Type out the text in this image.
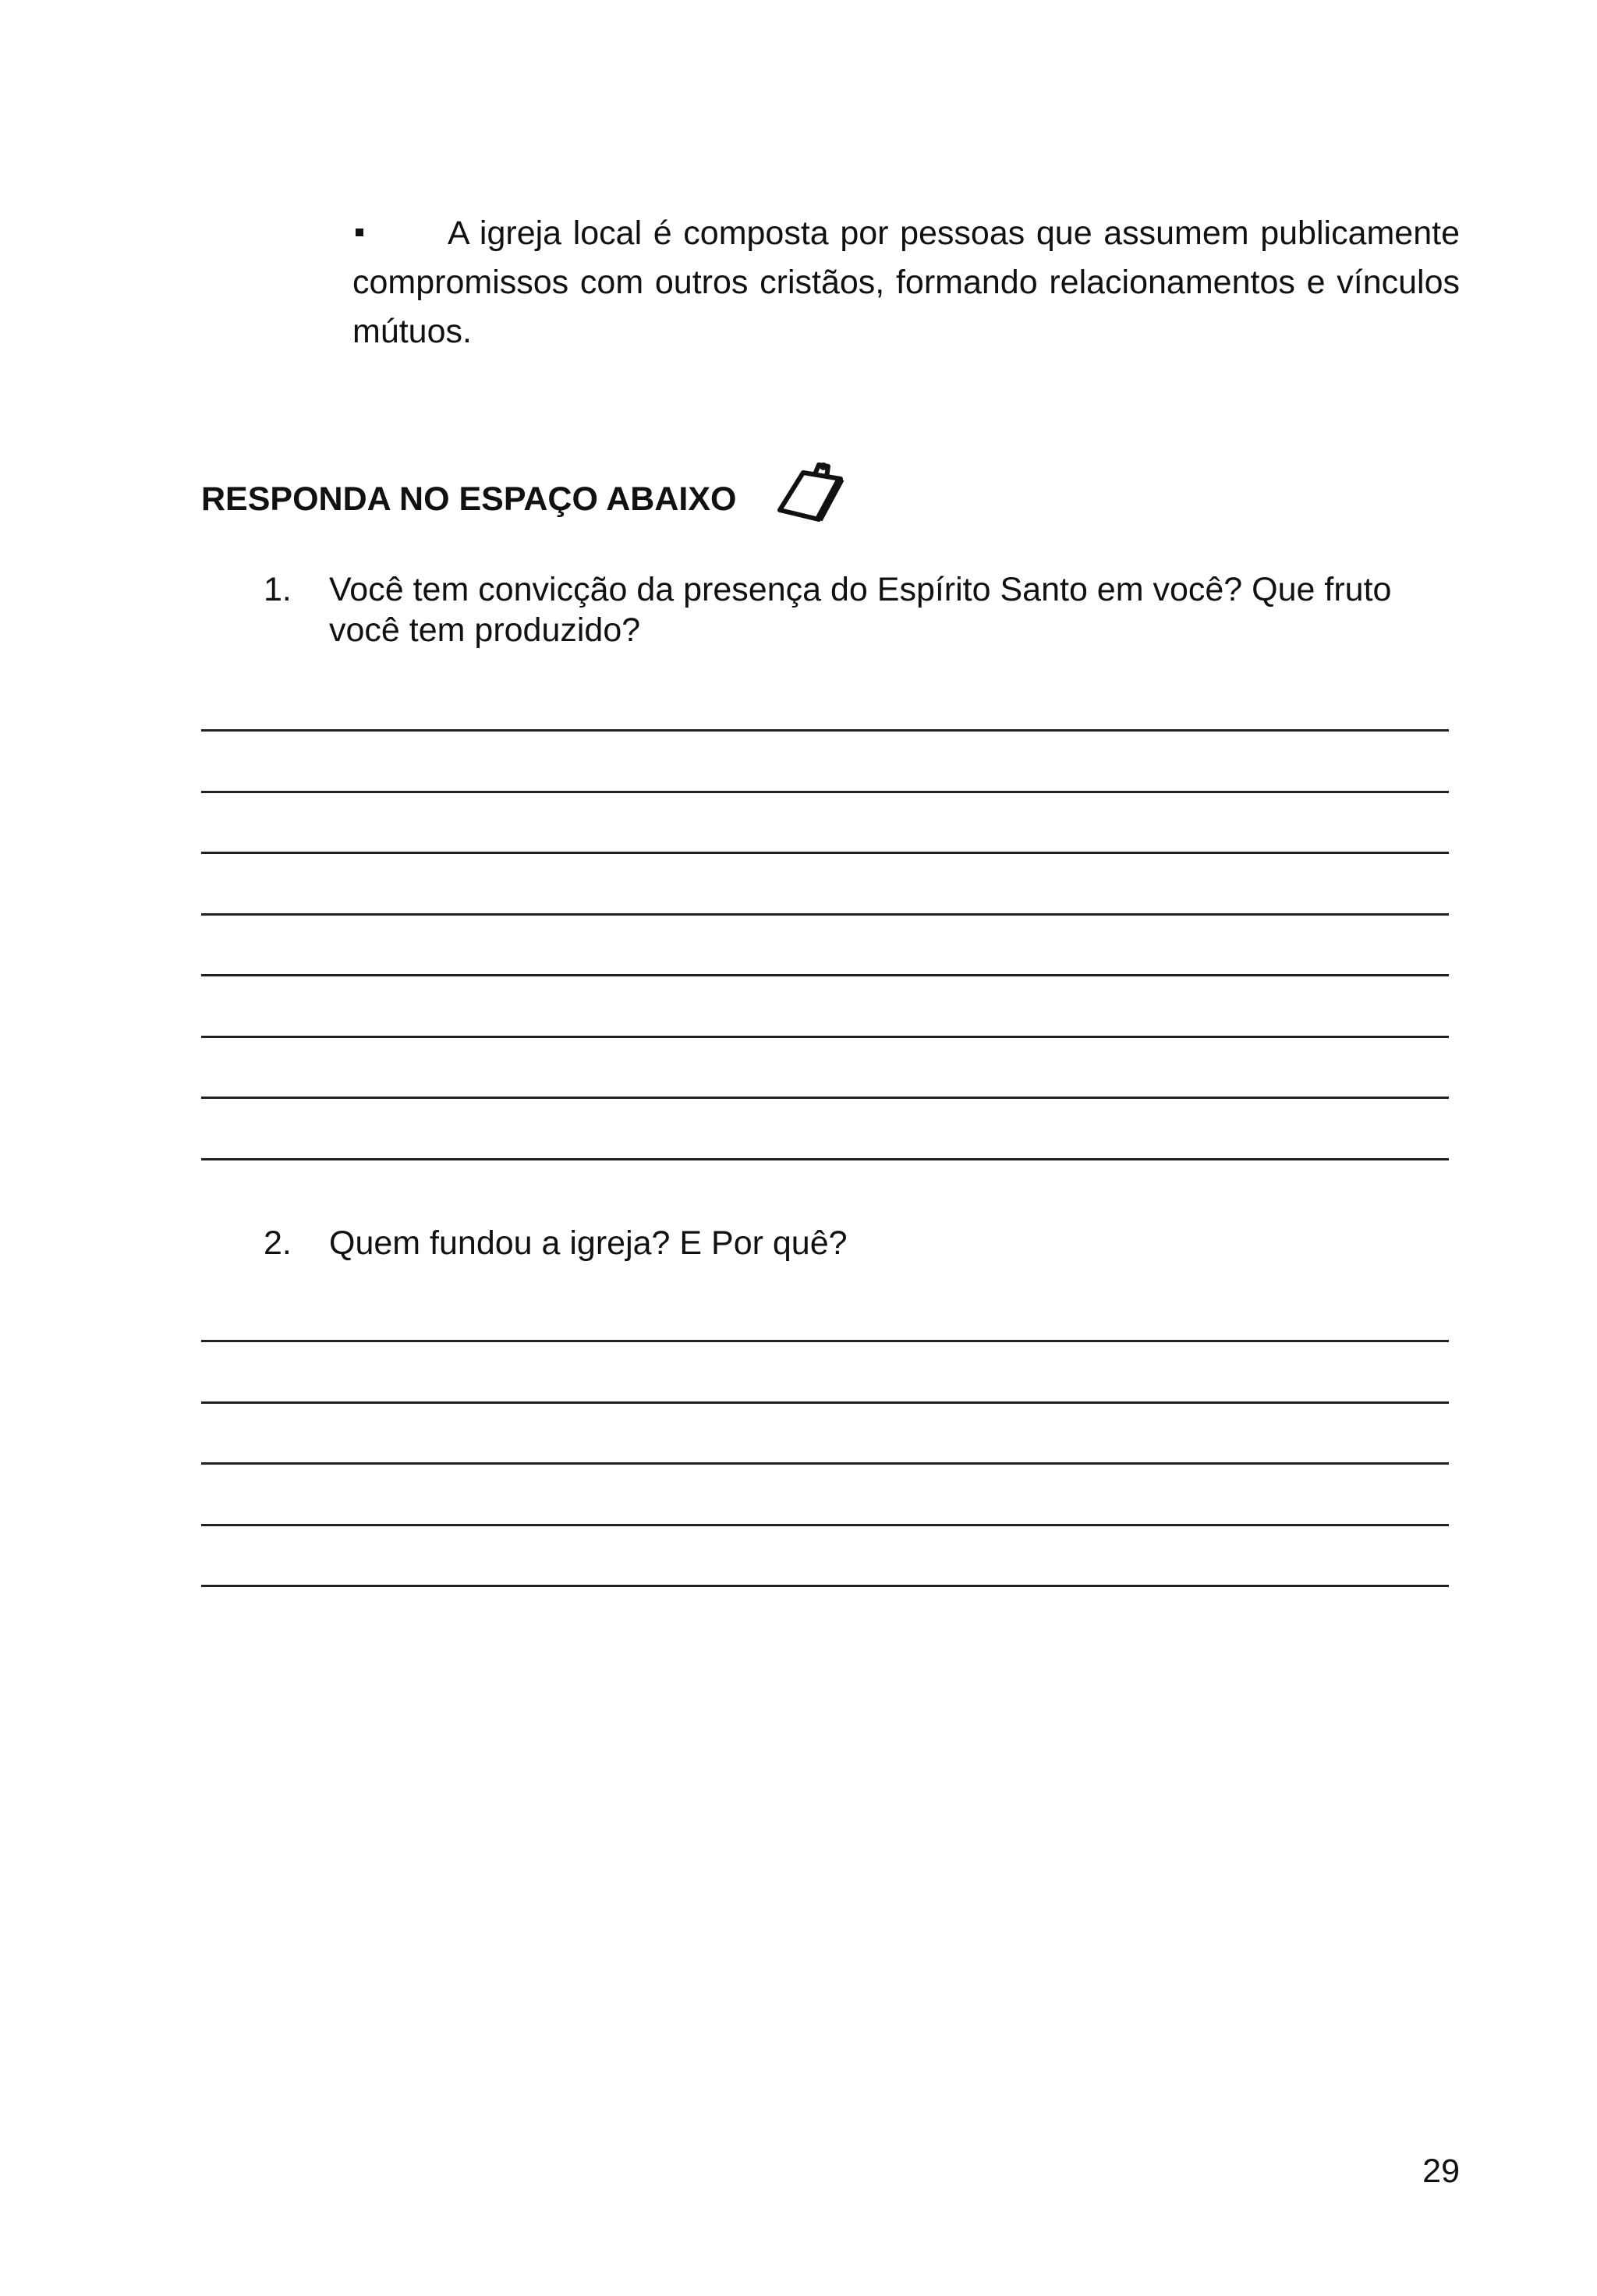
A igreja local é composta por pessoas que assumem publicamente compromissos com outros cristãos, formando relacionamentos e vínculos mútuos.
RESPONDA NO ESPAÇO ABAIXO
1.	Você tem convicção da presença do Espírito Santo em você? Que fruto você tem produzido?
2.	Quem fundou a igreja? E Por quê?
29
